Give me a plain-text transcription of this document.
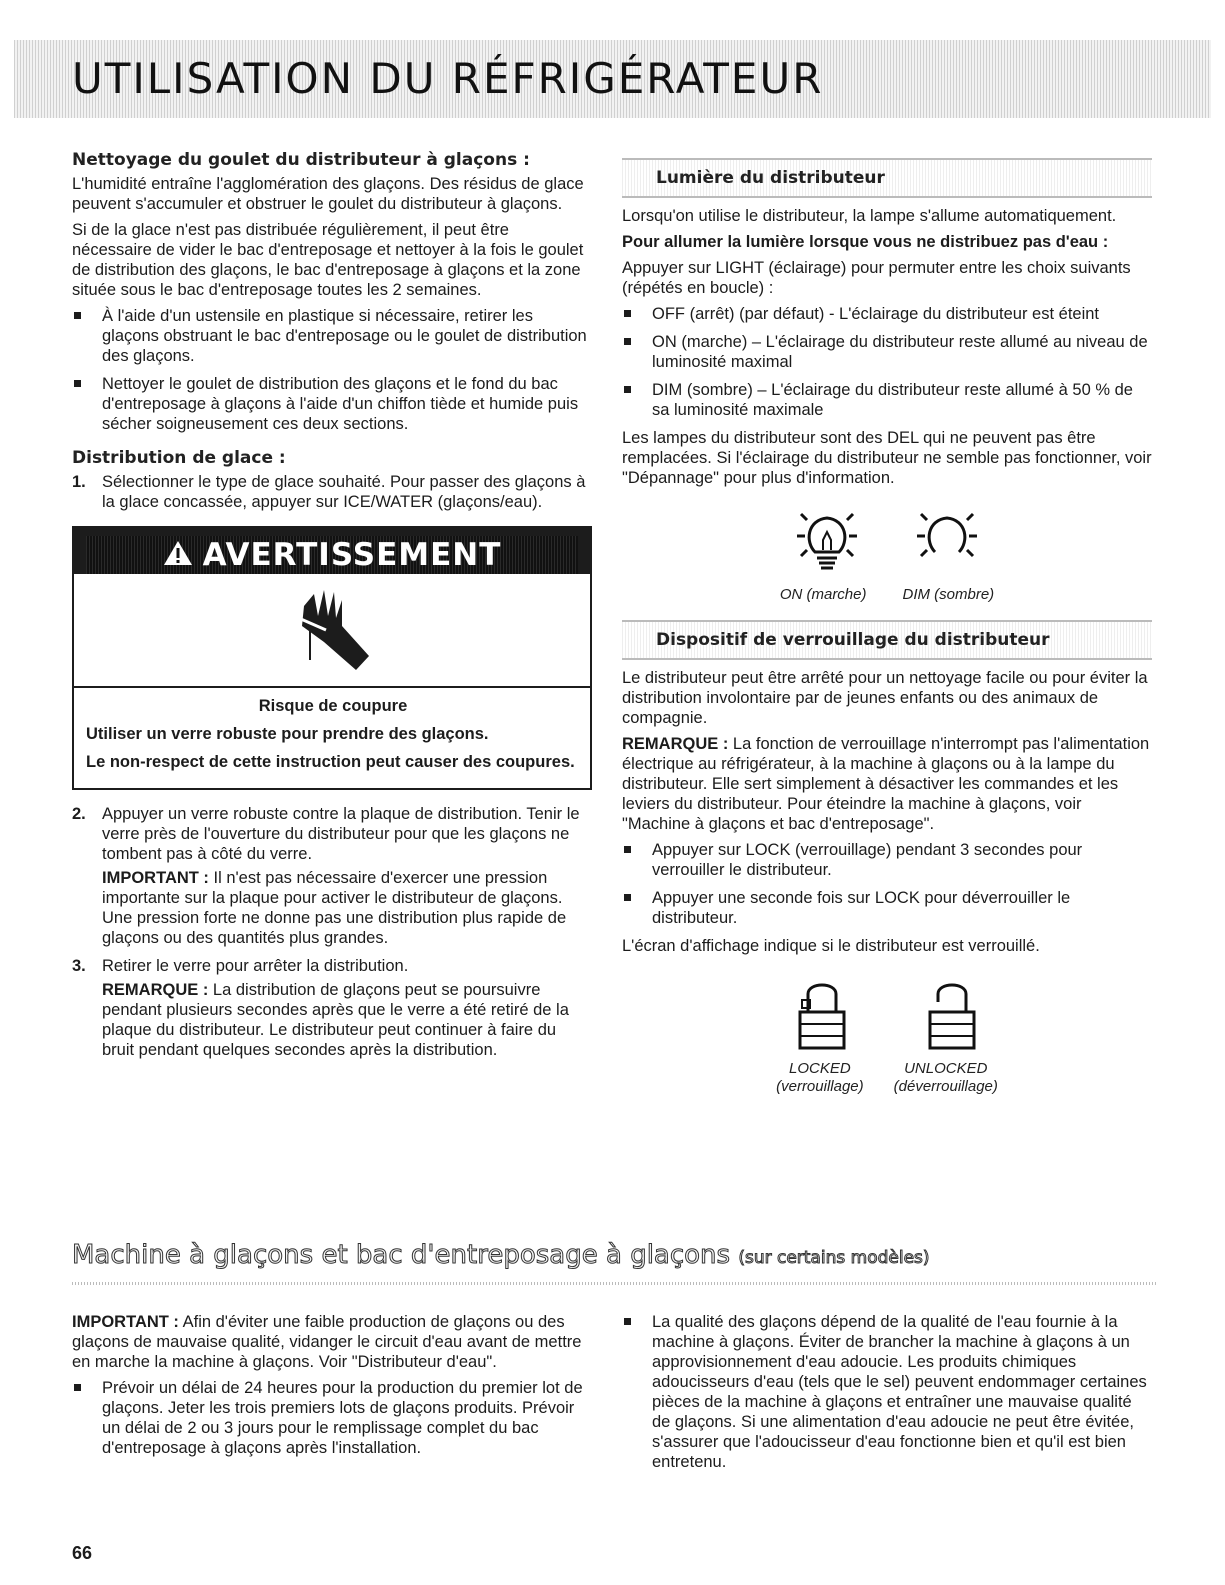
UTILISATION DU RÉFRIGÉRATEUR
Nettoyage du goulet du distributeur à glaçons :

L'humidité entraîne l'agglomération des glaçons. Des résidus de glace peuvent s'accumuler et obstruer le goulet du distributeur à glaçons.

Si de la glace n'est pas distribuée régulièrement, il peut être nécessaire de vider le bac d'entreposage et nettoyer à la fois le goulet de distribution des glaçons, le bac d'entreposage à glaçons et la zone située sous le bac d'entreposage toutes les 2 semaines.

À l'aide d'un ustensile en plastique si nécessaire, retirer les glaçons obstruant le bac d'entreposage ou le goulet de distribution des glaçons.
Nettoyer le goulet de distribution des glaçons et le fond du bac d'entreposage à glaçons à l'aide d'un chiffon tiède et humide puis sécher soigneusement ces deux sections.
Distribution de glace :
1. Sélectionner le type de glace souhaité. Pour passer des glaçons à la glace concassée, appuyer sur ICE/WATER (glaçons/eau).
AVERTISSEMENT
Risque de coupure
Utiliser un verre robuste pour prendre des glaçons.
Le non-respect de cette instruction peut causer des coupures.
2. Appuyer un verre robuste contre la plaque de distribution. Tenir le verre près de l'ouverture du distributeur pour que les glaçons ne tombent pas à côté du verre.

IMPORTANT : Il n'est pas nécessaire d'exercer une pression importante sur la plaque pour activer le distributeur de glaçons. Une pression forte ne donne pas une distribution plus rapide de glaçons ou des quantités plus grandes.

3. Retirer le verre pour arrêter la distribution.

REMARQUE : La distribution de glaçons peut se poursuivre pendant plusieurs secondes après que le verre a été retiré de la plaque du distributeur. Le distributeur peut continuer à faire du bruit pendant quelques secondes après la distribution.

Lumière du distributeur

Lorsqu'on utilise le distributeur, la lampe s'allume automatiquement.

Pour allumer la lumière lorsque vous ne distribuez pas d'eau :

Appuyer sur LIGHT (éclairage) pour permuter entre les choix suivants (répétés en boucle) :

OFF (arrêt) (par défaut) - L'éclairage du distributeur est éteint
ON (marche) – L'éclairage du distributeur reste allumé au niveau de luminosité maximal
DIM (sombre) – L'éclairage du distributeur reste allumé à 50 % de sa luminosité maximale

Les lampes du distributeur sont des DEL qui ne peuvent pas être remplacées. Si l'éclairage du distributeur ne semble pas fonctionner, voir "Dépannage" pour plus d'information.

ON (marche) DIM (sombre)
Dispositif de verrouillage du distributeur

Le distributeur peut être arrêté pour un nettoyage facile ou pour éviter la distribution involontaire par de jeunes enfants ou des animaux de compagnie.

REMARQUE : La fonction de verrouillage n'interrompt pas l'alimentation électrique au réfrigérateur, à la machine à glaçons ou à la lampe du distributeur. Elle sert simplement à désactiver les commandes et les leviers du distributeur. Pour éteindre la machine à glaçons, voir "Machine à glaçons et bac d'entreposage".

Appuyer sur LOCK (verrouillage) pendant 3 secondes pour verrouiller le distributeur.
Appuyer une seconde fois sur LOCK pour déverrouiller le distributeur.

L'écran d'affichage indique si le distributeur est verrouillé.

LOCKED
(verrouillage)
UNLOCKED
(déverrouillage)
Machine à glaçons et bac d'entreposage à glaçons (sur certains modèles)

IMPORTANT : Afin d'éviter une faible production de glaçons ou des glaçons de mauvaise qualité, vidanger le circuit d'eau avant de mettre en marche la machine à glaçons. Voir "Distributeur d'eau".

Prévoir un délai de 24 heures pour la production du premier lot de glaçons. Jeter les trois premiers lots de glaçons produits. Prévoir un délai de 2 ou 3 jours pour le remplissage complet du bac d'entreposage à glaçons après l'installation.
La qualité des glaçons dépend de la qualité de l'eau fournie à la machine à glaçons. Éviter de brancher la machine à glaçons à un approvisionnement d'eau adoucie. Les produits chimiques adoucisseurs d'eau (tels que le sel) peuvent endommager certaines pièces de la machine à glaçons et entraîner une mauvaise qualité de glaçons. Si une alimentation d'eau adoucie ne peut être évitée, s'assurer que l'adoucisseur d'eau fonctionne bien et qu'il est bien entretenu.
66
